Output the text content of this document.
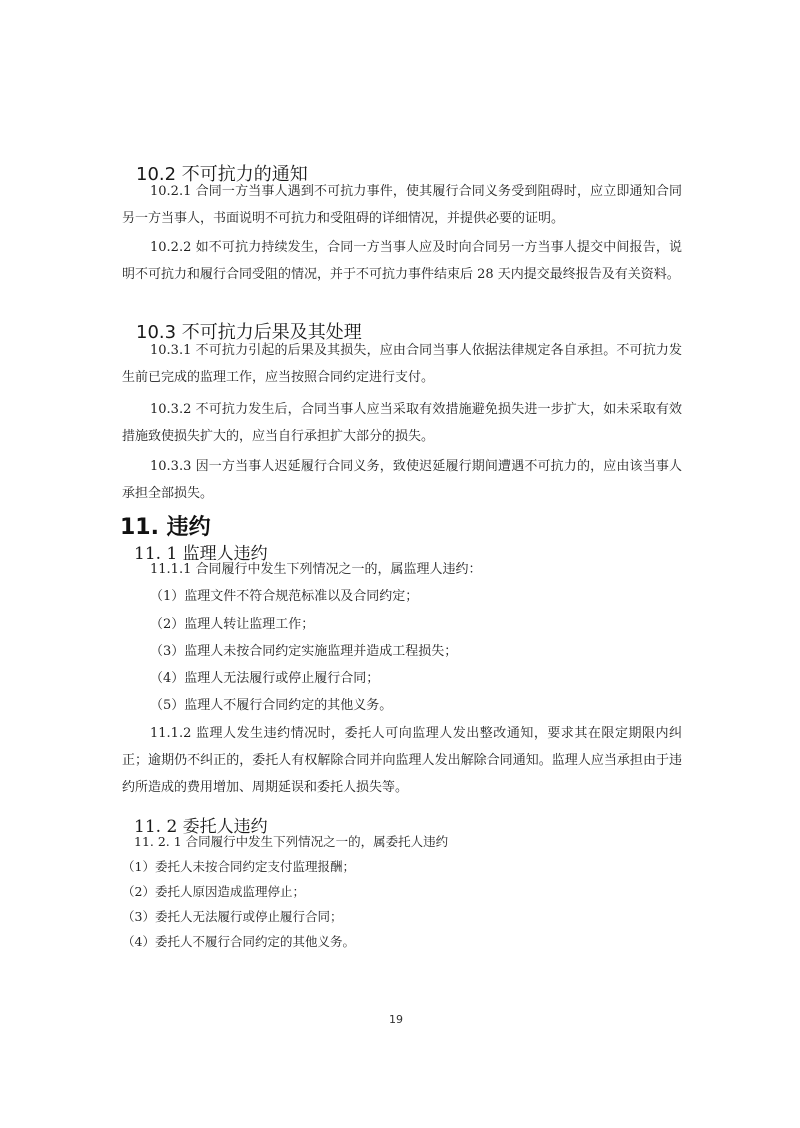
10.2 不可抗力的通知
10.2.1 合同一方当事人遇到不可抗力事件，使其履行合同义务受到阻碍时，应立即通知合同另一方当事人，书面说明不可抗力和受阻碍的详细情况，并提供必要的证明。
10.2.2 如不可抗力持续发生，合同一方当事人应及时向合同另一方当事人提交中间报告，说明不可抗力和履行合同受阻的情况，并于不可抗力事件结束后 28 天内提交最终报告及有关资料。
10.3 不可抗力后果及其处理
10.3.1 不可抗力引起的后果及其损失，应由合同当事人依据法律规定各自承担。不可抗力发生前已完成的监理工作，应当按照合同约定进行支付。
10.3.2 不可抗力发生后，合同当事人应当采取有效措施避免损失进一步扩大，如未采取有效措施致使损失扩大的，应当自行承担扩大部分的损失。
10.3.3 因一方当事人迟延履行合同义务，致使迟延履行期间遭遇不可抗力的，应由该当事人承担全部损失。
11. 违约
11. 1 监理人违约
11.1.1 合同履行中发生下列情况之一的，属监理人违约：
（1）监理文件不符合规范标准以及合同约定；
（2）监理人转让监理工作；
（3）监理人未按合同约定实施监理并造成工程损失；
（4）监理人无法履行或停止履行合同；
（5）监理人不履行合同约定的其他义务。
11.1.2 监理人发生违约情况时，委托人可向监理人发出整改通知，要求其在限定期限内纠正；逾期仍不纠正的，委托人有权解除合同并向监理人发出解除合同通知。监理人应当承担由于违约所造成的费用增加、周期延误和委托人损失等。
11. 2 委托人违约
11. 2. 1 合同履行中发生下列情况之一的，属委托人违约
（1）委托人未按合同约定支付监理报酬；
（2）委托人原因造成监理停止；
（3）委托人无法履行或停止履行合同；
（4）委托人不履行合同约定的其他义务。
19
